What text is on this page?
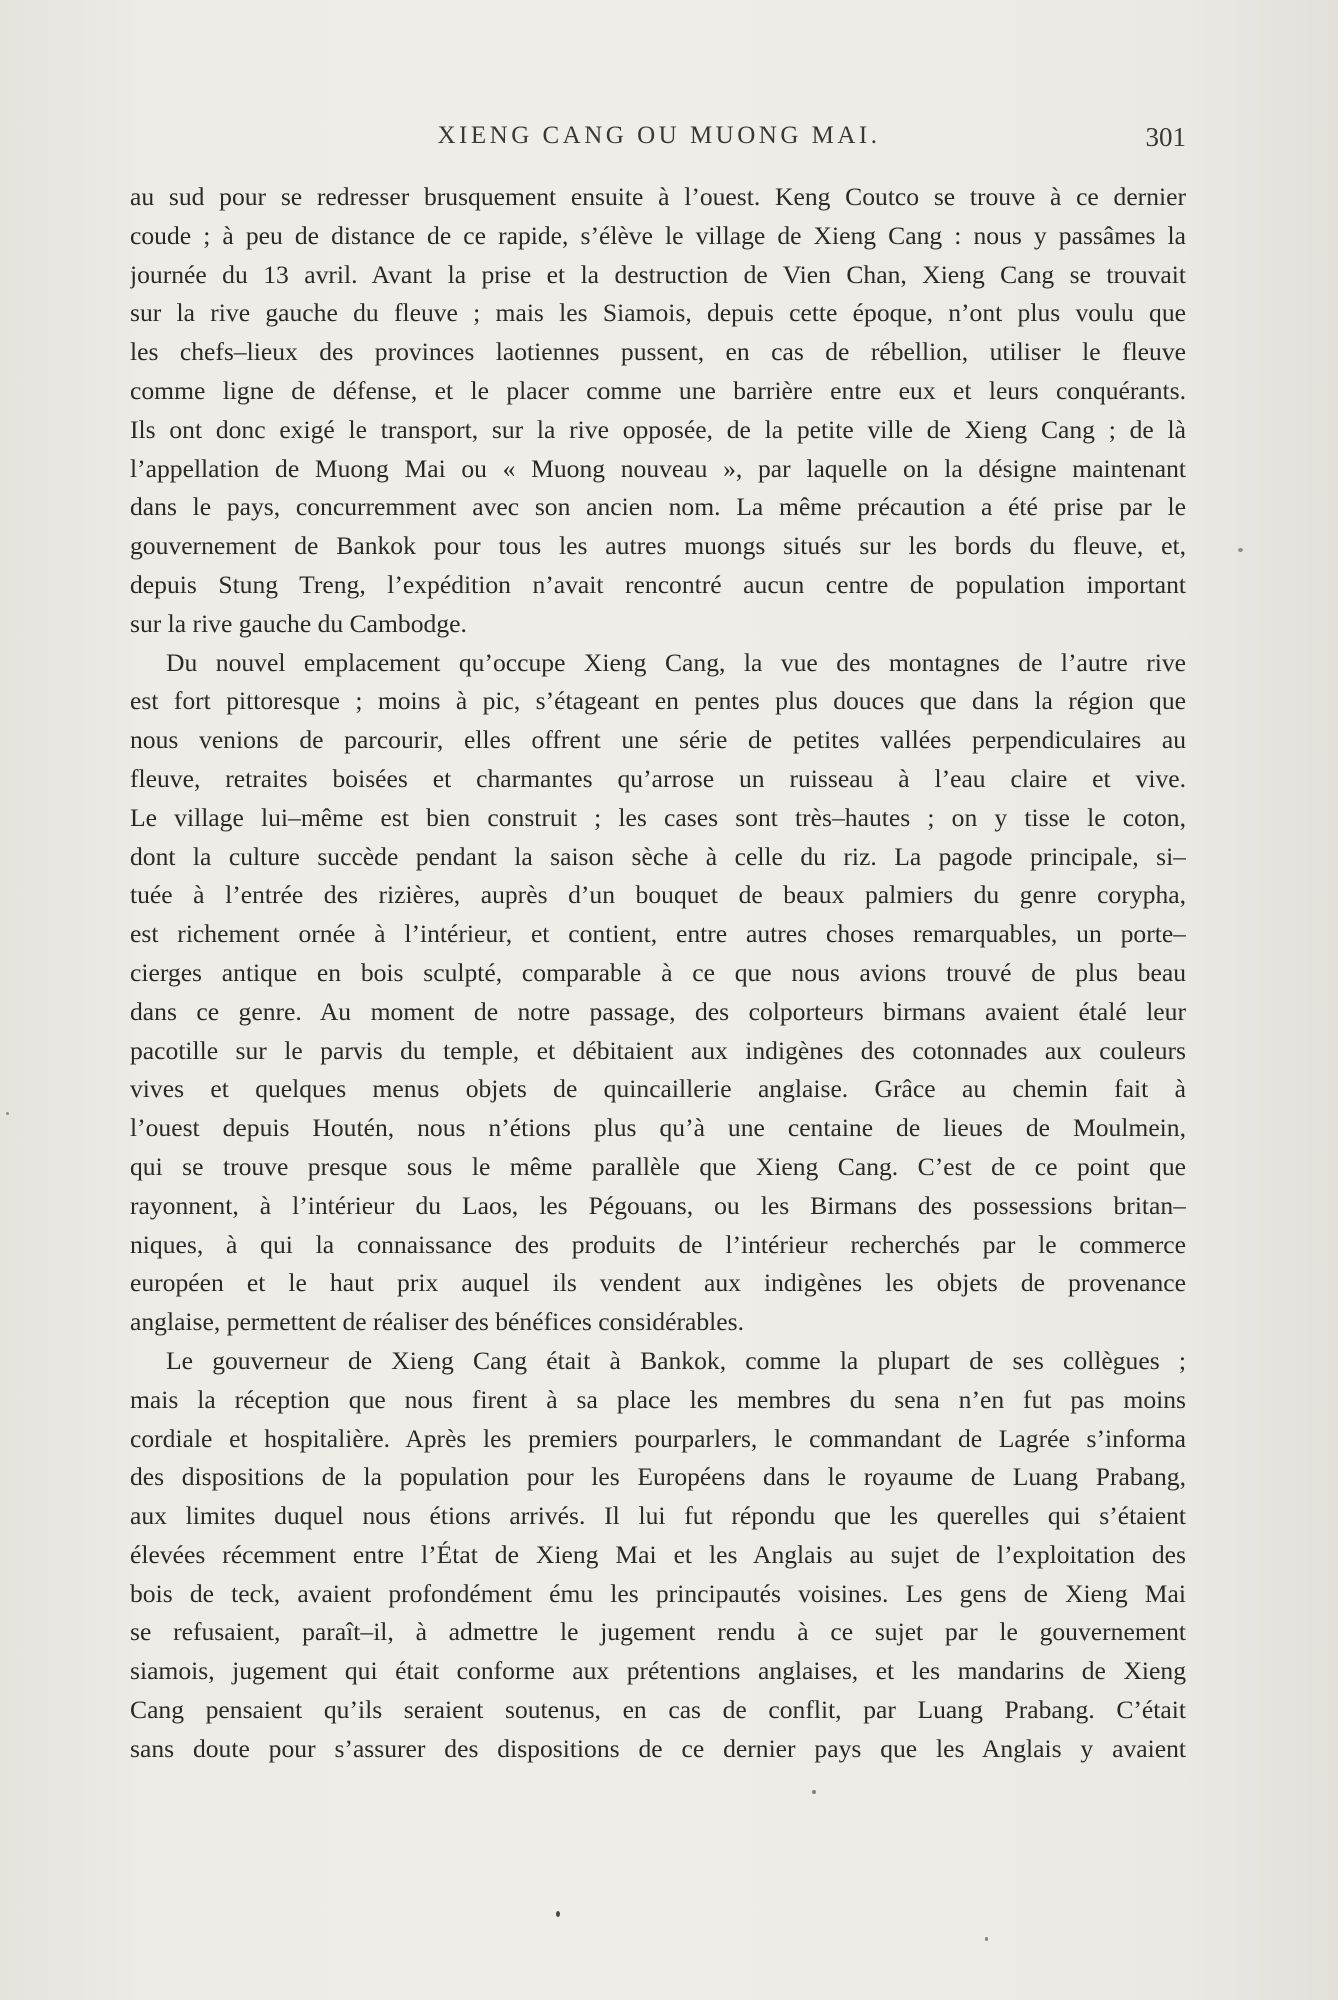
XIENG CANG OU MUONG MAI.	301

au sud pour se redresser brusquement ensuite à l’ouest. Keng Coutco se trouve à ce dernier
coude ; à peu de distance de ce rapide, s’élève le village de Xieng Cang : nous y passâmes la
journée du 13 avril. Avant la prise et la destruction de Vien Chan, Xieng Cang se trouvait
sur la rive gauche du fleuve ; mais les Siamois, depuis cette époque, n’ont plus voulu que
les chefs–lieux des provinces laotiennes pussent, en cas de rébellion, utiliser le fleuve
comme ligne de défense, et le placer comme une barrière entre eux et leurs conquérants.
Ils ont donc exigé le transport, sur la rive opposée, de la petite ville de Xieng Cang ; de là
l’appellation de Muong Mai ou « Muong nouveau », par laquelle on la désigne maintenant
dans le pays, concurremment avec son ancien nom. La même précaution a été prise par le
gouvernement de Bankok pour tous les autres muongs situés sur les bords du fleuve, et,
depuis Stung Treng, l’expédition n’avait rencontré aucun centre de population important
sur la rive gauche du Cambodge.

Du nouvel emplacement qu’occupe Xieng Cang, la vue des montagnes de l’autre rive
est fort pittoresque ; moins à pic, s’étageant en pentes plus douces que dans la région que
nous venions de parcourir, elles offrent une série de petites vallées perpendiculaires au
fleuve, retraites boisées et charmantes qu’arrose un ruisseau à l’eau claire et vive.
Le village lui–même est bien construit ; les cases sont très–hautes ; on y tisse le coton,
dont la culture succède pendant la saison sèche à celle du riz. La pagode principale, si–
tuée à l’entrée des rizières, auprès d’un bouquet de beaux palmiers du genre corypha,
est richement ornée à l’intérieur, et contient, entre autres choses remarquables, un porte–
cierges antique en bois sculpté, comparable à ce que nous avions trouvé de plus beau
dans ce genre. Au moment de notre passage, des colporteurs birmans avaient étalé leur
pacotille sur le parvis du temple, et débitaient aux indigènes des cotonnades aux couleurs
vives et quelques menus objets de quincaillerie anglaise. Grâce au chemin fait à
l’ouest depuis Houtén, nous n’étions plus qu’à une centaine de lieues de Moulmein,
qui se trouve presque sous le même parallèle que Xieng Cang. C’est de ce point que
rayonnent, à l’intérieur du Laos, les Pégouans, ou les Birmans des possessions britan–
niques, à qui la connaissance des produits de l’intérieur recherchés par le commerce
européen et le haut prix auquel ils vendent aux indigènes les objets de provenance
anglaise, permettent de réaliser des bénéfices considérables.

Le gouverneur de Xieng Cang était à Bankok, comme la plupart de ses collègues ;
mais la réception que nous firent à sa place les membres du sena n’en fut pas moins
cordiale et hospitalière. Après les premiers pourparlers, le commandant de Lagrée s’informa
des dispositions de la population pour les Européens dans le royaume de Luang Prabang,
aux limites duquel nous étions arrivés. Il lui fut répondu que les querelles qui s’étaient
élevées récemment entre l’État de Xieng Mai et les Anglais au sujet de l’exploitation des
bois de teck, avaient profondément ému les principautés voisines. Les gens de Xieng Mai
se refusaient, paraît–il, à admettre le jugement rendu à ce sujet par le gouvernement
siamois, jugement qui était conforme aux prétentions anglaises, et les mandarins de Xieng
Cang pensaient qu’ils seraient soutenus, en cas de conflit, par Luang Prabang. C’était
sans doute pour s’assurer des dispositions de ce dernier pays que les Anglais y avaient
